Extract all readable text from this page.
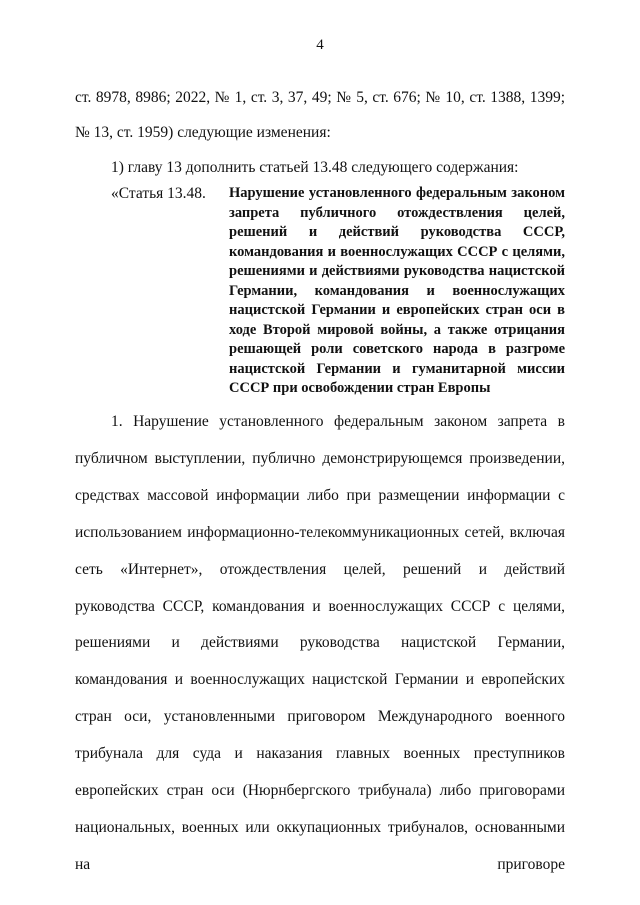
4

ст. 8978, 8986; 2022, № 1, ст. 3, 37, 49; № 5, ст. 676; № 10, ст. 1388, 1399; № 13, ст. 1959) следующие изменения:

1) главу 13 дополнить статьей 13.48 следующего содержания:

«Статья 13.48.	Нарушение установленного федеральным законом запрета публичного отождествления целей, решений и действий руководства СССР, командования и военнослужащих СССР с целями, решениями и действиями руководства нацистской Германии, командования и военнослужащих нацистской Германии и европейских стран оси в ходе Второй мировой войны, а также отрицания решающей роли советского народа в разгроме нацистской Германии и гуманитарной миссии СССР при освобождении стран Европы

1. Нарушение установленного федеральным законом запрета в публичном выступлении, публично демонстрирующемся произведении, средствах массовой информации либо при размещении информации с использованием информационно-телекоммуникационных сетей, включая сеть «Интернет», отождествления целей, решений и действий руководства СССР, командования и военнослужащих СССР с целями, решениями и действиями руководства нацистской Германии, командования и военнослужащих нацистской Германии и европейских стран оси, установленными приговором Международного военного трибунала для суда и наказания главных военных преступников европейских стран оси (Нюрнбергского трибунала) либо приговорами национальных, военных или оккупационных трибуналов, основанными на приговоре
